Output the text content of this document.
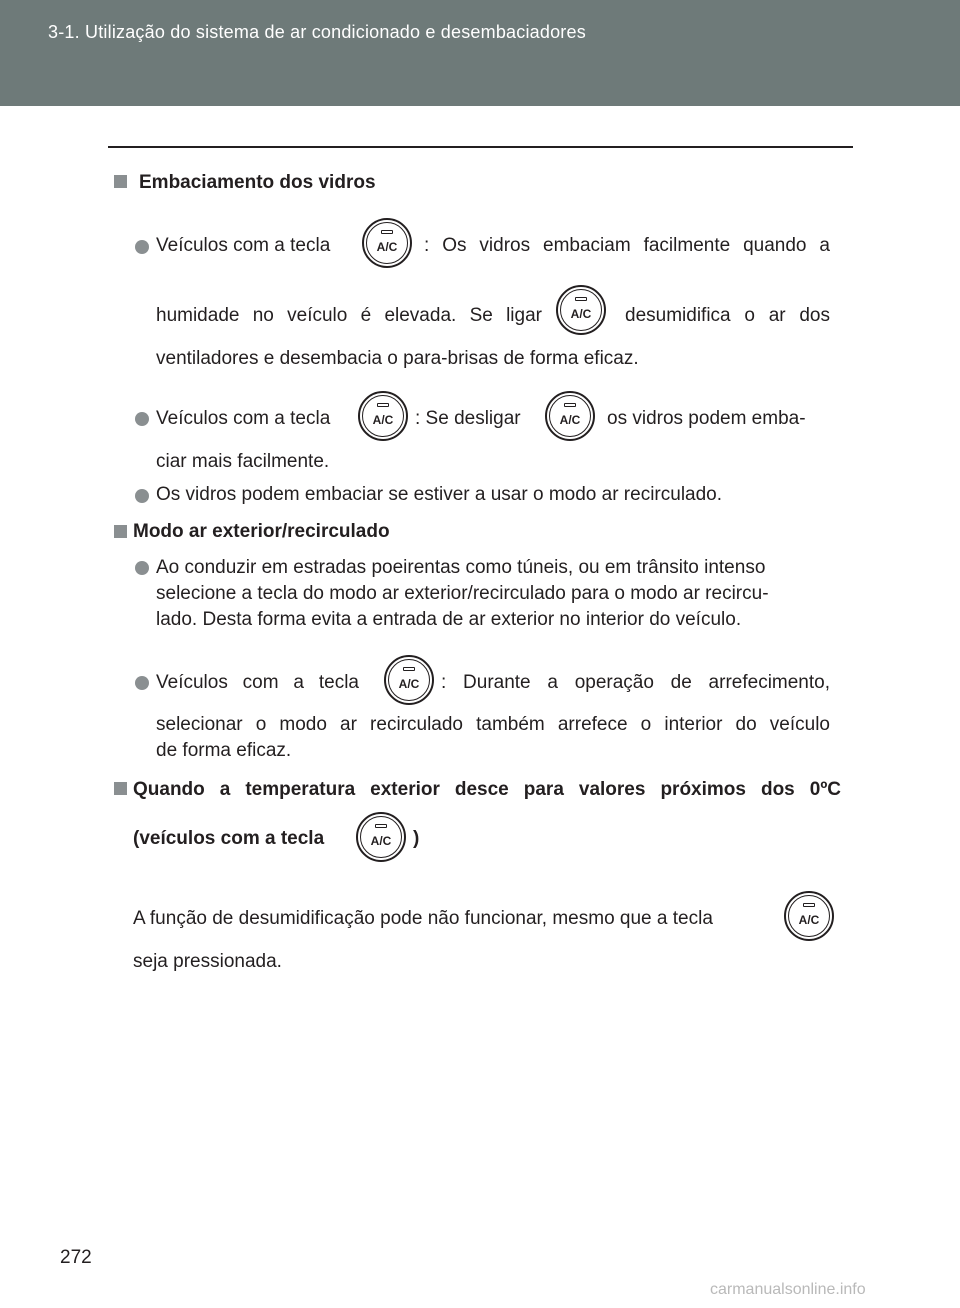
3-1. Utilização do sistema de ar condicionado e desembaciadores
Embaciamento dos vidros
Veículos com a tecla	A/C	: Os vidros embaciam facilmente quando a
humidade no veículo é elevada. Se ligar	A/C	desumidifica o ar dos
ventiladores e desembacia o para-brisas de forma eficaz.
Veículos com a tecla	A/C	: Se desligar	A/C	os vidros podem emba-
ciar mais facilmente.
Os vidros podem embaciar se estiver a usar o modo ar recirculado.
Modo ar exterior/recirculado
Ao conduzir em estradas poeirentas como túneis, ou em trânsito intenso
selecione a tecla do modo ar exterior/recirculado para o modo ar recircu-
lado. Desta forma evita a entrada de ar exterior no interior do veículo.
Veículos com a tecla	A/C	: Durante a operação de arrefecimento,
selecionar o modo ar recirculado também arrefece o interior do veículo
de forma eficaz.
Quando a temperatura exterior desce para valores próximos dos 0ºC
(veículos com a tecla	A/C	)
A função de desumidificação pode não funcionar, mesmo que a tecla	A/C
seja pressionada.
272
carmanualsonline.info
